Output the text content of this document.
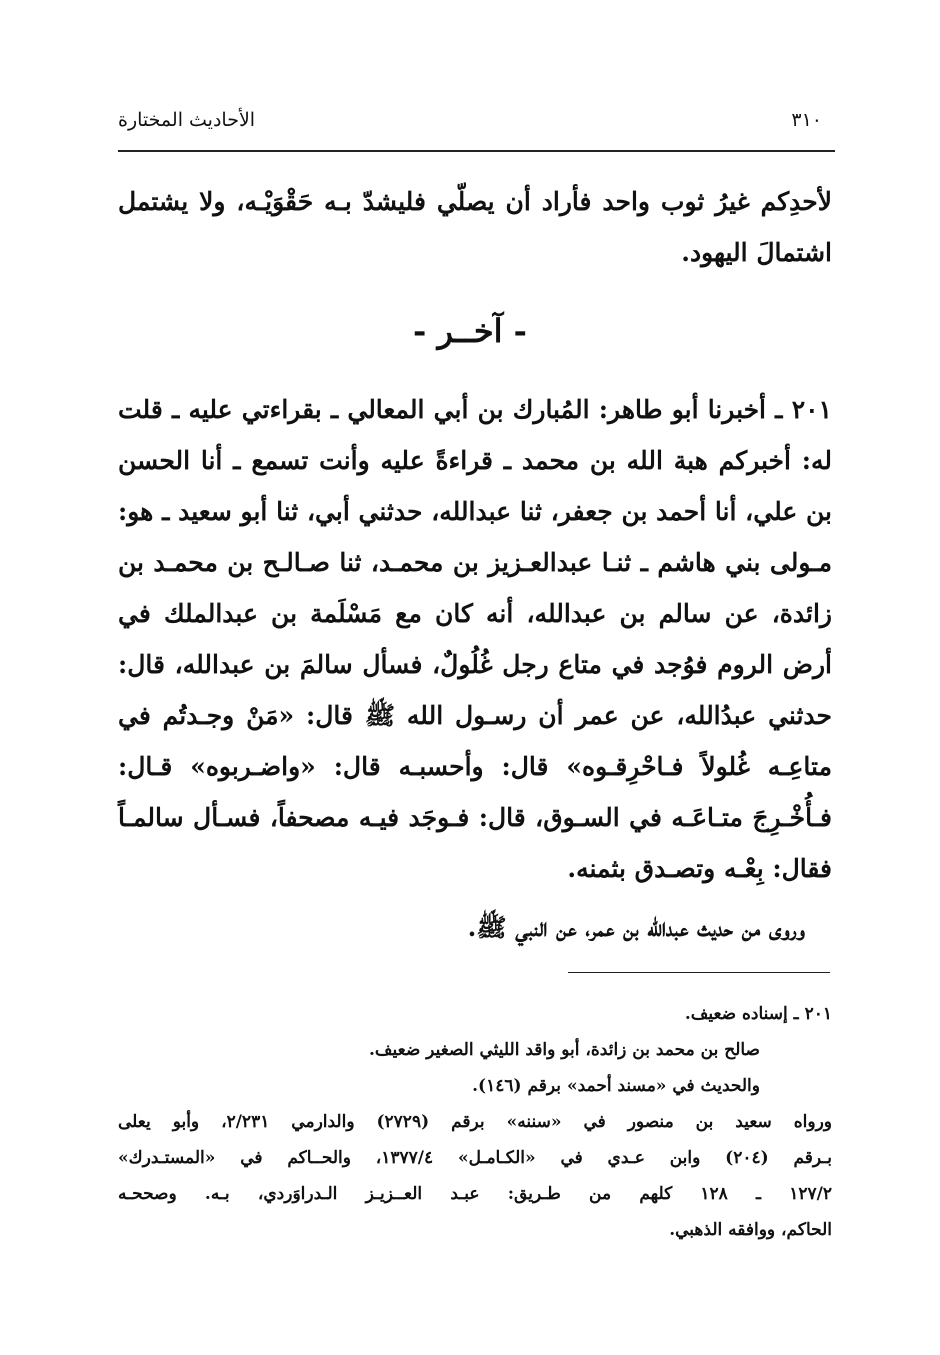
الأحاديث المختارة	٣١٠
لأحدِكم غيرُ ثوب واحد فأراد أن يصلّي فليشدّ بـه حَقْوَيْـه، ولا يشتمل اشتمالَ اليهود.
- آخــر -
٢٠١ ـ أخبرنا أبو طاهر: المُبارك بن أبي المعالي ـ بقراءتي عليه ـ قلت له: أخبركم هبة الله بن محمد ـ قراءةً عليه وأنت تسمع ـ أنا الحسن بن علي، أنا أحمد بن جعفر، ثنا عبدالله، حدثني أبي، ثنا أبو سعيد ـ هو: مـولى بني هاشم ـ ثنـا عبدالعـزيز بن محمـد، ثنا صـالـح بن محمـد بن زائدة، عن سالم بن عبدالله، أنه كان مع مَسْلَمة بن عبدالملك في أرض الروم فوُجد في متاع رجل غُلُولٌ، فسأل سالمَ بن عبدالله، قال: حدثني عبدُالله، عن عمر أن رسـول الله ﷺ قال: «مَنْ وجـدتُم في متاعِـه غُلولاً فـاحْرِقـوه» قال: وأحسبـه قال: «واضـربوه» قـال: فـأُخْـرِجَ متـاعَـه في السـوق، قال: فـوجَد فيـه مصحفاً، فسـأل سالمـاً فقال: بِعْـه وتصـدق بثمنه.
وروى من حديث عبدالله بن عمر، عن النبي ﷺ.
٢٠١ ـ إسناده ضعيف.
صالح بن محمد بن زائدة، أبو واقد الليثي الصغير ضعيف.
والحديث في «مسند أحمد» برقم (١٤٦).
ورواه سعيد بن منصور في «سننه» برقم (٢٧٢٩) والدارمي ٢/٢٣١، وأبو يعلى
بـرقم (٢٠٤) وابن عـدي في «الكـامـل» ١٣٧٧/٤، والحــاكم في «المستـدرك»
١٢٧/٢ ـ ١٢٨ كلهم من طـريق: عبـد العــزيـز الـدراوَردي، بـه. وصححـه
الحاكم، ووافقه الذهبي.
